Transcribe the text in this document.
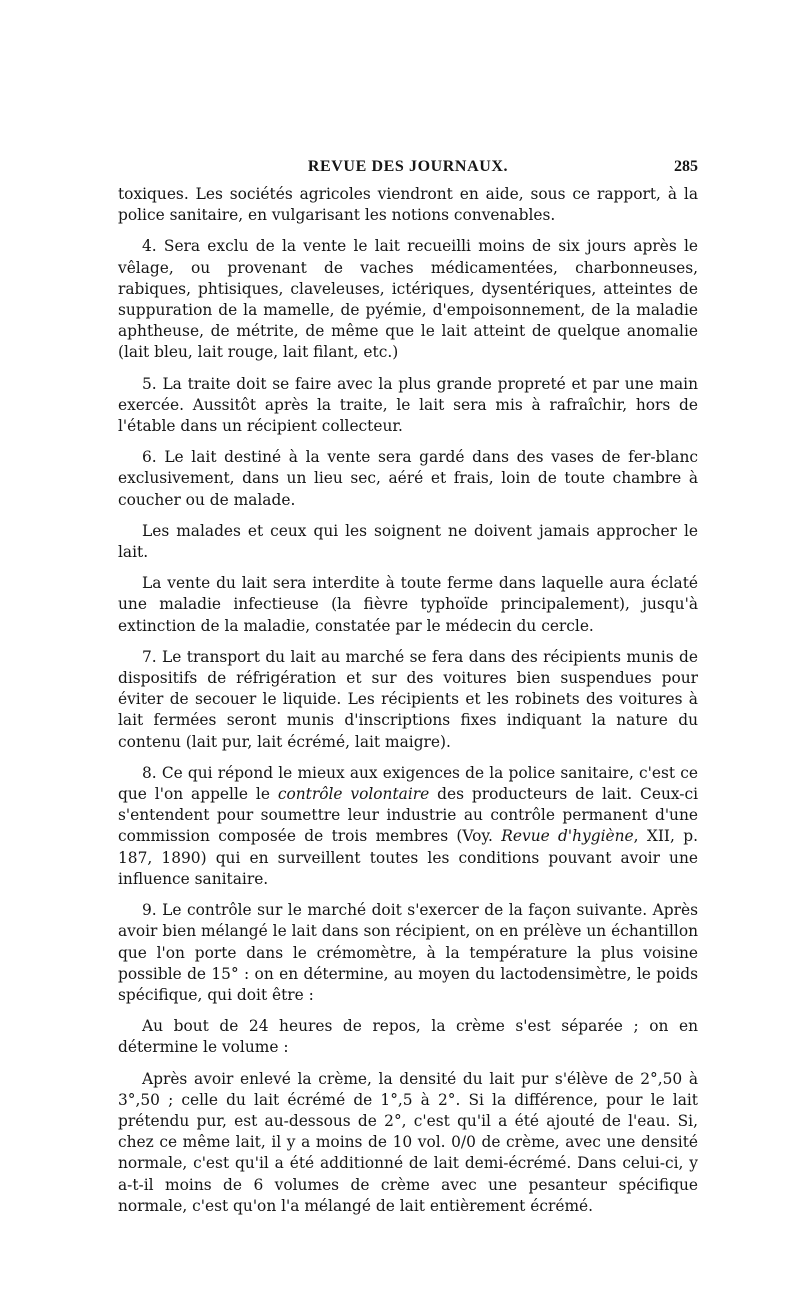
REVUE DES JOURNAUX.	285

toxiques. Les sociétés agricoles viendront en aide, sous ce rapport, à la police sanitaire, en vulgarisant les notions convenables.

4. Sera exclu de la vente le lait recueilli moins de six jours après le vêlage, ou provenant de vaches médicamentées, charbonneuses, rabiques, phtisiques, claveleuses, ictériques, dysentériques, atteintes de suppuration de la mamelle, de pyémie, d'empoisonnement, de la maladie aphtheuse, de métrite, de même que le lait atteint de quelque anomalie (lait bleu, lait rouge, lait filant, etc.)

5. La traite doit se faire avec la plus grande propreté et par une main exercée. Aussitôt après la traite, le lait sera mis à rafraîchir, hors de l'étable dans un récipient collecteur.

6. Le lait destiné à la vente sera gardé dans des vases de fer-blanc exclusivement, dans un lieu sec, aéré et frais, loin de toute chambre à coucher ou de malade.

Les malades et ceux qui les soignent ne doivent jamais approcher le lait.

La vente du lait sera interdite à toute ferme dans laquelle aura éclaté une maladie infectieuse (la fièvre typhoïde principalement), jusqu'à extinction de la maladie, constatée par le médecin du cercle.

7. Le transport du lait au marché se fera dans des récipients munis de dispositifs de réfrigération et sur des voitures bien suspendues pour éviter de secouer le liquide. Les récipients et les robinets des voitures à lait fermées seront munis d'inscriptions fixes indiquant la nature du contenu (lait pur, lait écrémé, lait maigre).

8. Ce qui répond le mieux aux exigences de la police sanitaire, c'est ce que l'on appelle le contrôle volontaire des producteurs de lait. Ceux-ci s'entendent pour soumettre leur industrie au contrôle permanent d'une commission composée de trois membres (Voy. Revue d'hygiène, XII, p. 187, 1890) qui en surveillent toutes les conditions pouvant avoir une influence sanitaire.

9. Le contrôle sur le marché doit s'exercer de la façon suivante. Après avoir bien mélangé le lait dans son récipient, on en prélève un échantillon que l'on porte dans le crémomètre, à la température la plus voisine possible de 15° : on en détermine, au moyen du lactodensimètre, le poids spécifique, qui doit être :

Au bout de 24 heures de repos, la crème s'est séparée ; on en détermine le volume :

Après avoir enlevé la crème, la densité du lait pur s'élève de 2°,50 à 3°,50 ; celle du lait écrémé de 1°,5 à 2°. Si la différence, pour le lait prétendu pur, est au-dessous de 2°, c'est qu'il a été ajouté de l'eau. Si, chez ce même lait, il y a moins de 10 vol. 0/0 de crème, avec une densité normale, c'est qu'il a été additionné de lait demi-écrémé. Dans celui-ci, y a-t-il moins de 6 volumes de crème avec une pesanteur spécifique normale, c'est qu'on l'a mélangé de lait entièrement écrémé.
